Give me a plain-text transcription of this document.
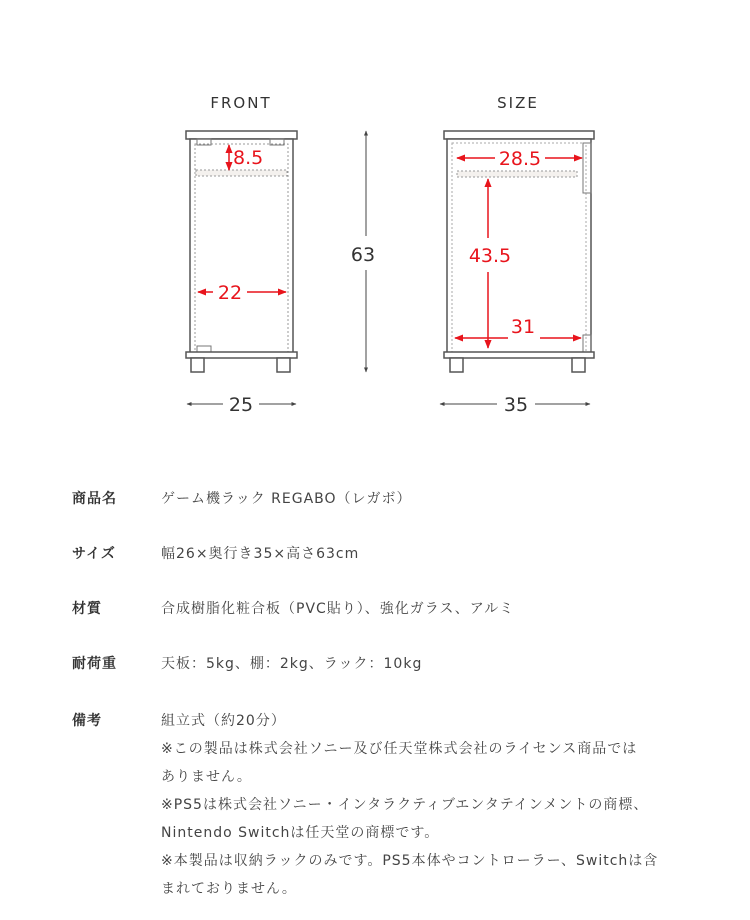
FRONT	SIZE
8.5
22
25
63
28.5
43.5
31
35
商品名	ゲーム機ラック REGABO（レガボ）
サイズ	幅26×奥行き35×高さ63cm
材質	合成樹脂化粧合板（PVC貼り）、強化ガラス、アルミ
耐荷重	天板：5kg、棚：2kg、ラック：10kg
備考	組立式（約20分）
※この製品は株式会社ソニー及び任天堂株式会社のライセンス商品では
ありません。
※PS5は株式会社ソニー・インタラクティブエンタテインメントの商標、
Nintendo Switchは任天堂の商標です。
※本製品は収納ラックのみです。PS5本体やコントローラー、Switchは含
まれておりません。
